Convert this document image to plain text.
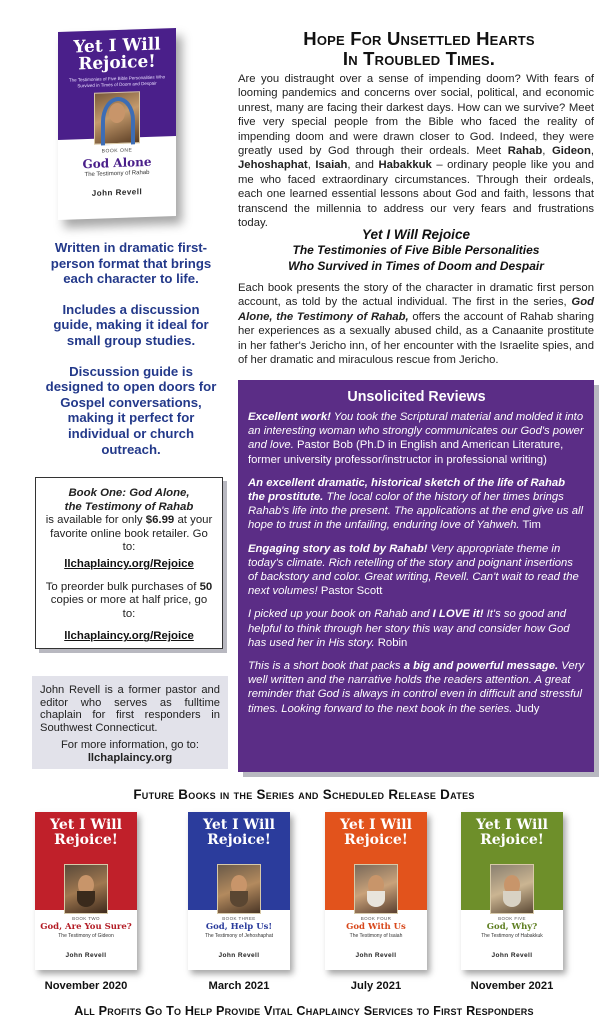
Yet I Will
Rejoice!
The Testimonies of Five Bible Personalities Who Survived in Times of Doom and Despair
BOOK ONE
God Alone
The Testimony of Rahab
John Revell

Written in dramatic first-person format that brings each character to life.

Includes a discussion guide, making it ideal for small group studies.

Discussion guide is designed to open doors for Gospel conversations, making it perfect for individual or church outreach.

Book One: God Alone,
the Testimony of Rahab
is available for only $6.99 at your favorite online book retailer. Go to:
llchaplaincy.org/Rejoice
To preorder bulk purchases of 50 copies or more at half price, go to:
llchaplaincy.org/Rejoice
John Revell is a former pastor and editor who serves as fulltime chaplain for first responders in Southwest Connecticut.
For more information, go to:
llchaplaincy.org
Hope For Unsettled Hearts
In Troubled Times.
Are you distraught over a sense of impending doom? With fears of looming pandemics and concerns over social, political, and economic unrest, many are facing their darkest days. How can we survive? Meet five very special people from the Bible who faced the reality of impending doom and were drawn closer to God. Indeed, they were greatly used by God through their ordeals. Meet Rahab, Gideon, Jehoshaphat, Isaiah, and Habakkuk – ordinary people like you and me who faced extraordinary circumstances. Through their ordeals, each one learned essential lessons about God and faith, lessons that transcend the millennia to address our very fears and frustrations today.
Yet I Will Rejoice
The Testimonies of Five Bible Personalities
Who Survived in Times of Doom and Despair
Each book presents the story of the character in dramatic first person account, as told by the actual individual. The first in the series, God Alone, the Testimony of Rahab, offers the account of Rahab sharing her experiences as a sexually abused child, as a Canaanite prostitute in her father's Jericho inn, of her encounter with the Israelite spies, and of her dramatic and miraculous rescue from Jericho.
Unsolicited Reviews
Excellent work! You took the Scriptural material and molded it into an interesting woman who strongly communicates our God's power and love. Pastor Bob (Ph.D in English and American Literature, former university professor/instructor in professional writing)
An excellent dramatic, historical sketch of the life of Rahab the prostitute. The local color of the history of her times brings Rahab's life into the present. The applications at the end give us all hope to trust in the unfailing, enduring love of Yahweh. Tim
Engaging story as told by Rahab! Very appropriate theme in today's climate. Rich retelling of the story and poignant insertions of backstory and color. Great writing, Revell. Can't wait to read the next volumes! Pastor Scott
I picked up your book on Rahab and I LOVE it! It's so good and helpful to think through her story this way and consider how God has used her in His story. Robin
This is a short book that packs a big and powerful message. Very well written and the narrative holds the readers attention. A great reminder that God is always in control even in difficult and stressful times. Looking forward to the next book in the series. Judy
Future Books in the Series and Scheduled Release Dates
Yet I Will
Rejoice!
BOOK TWO
God, Are You Sure?
The Testimony of Gideon
John Revell
Yet I Will
Rejoice!
BOOK THREE
God, Help Us!
The Testimony of Jehoshaphat
John Revell
Yet I Will
Rejoice!
BOOK FOUR
God With Us
The Testimony of Isaiah
John Revell
Yet I Will
Rejoice!
BOOK FIVE
God, Why?
The Testimony of Habakkuk
John Revell
November 2020	March 2021	July 2021	November 2021
All Profits Go To Help Provide Vital Chaplaincy Services to First Responders
